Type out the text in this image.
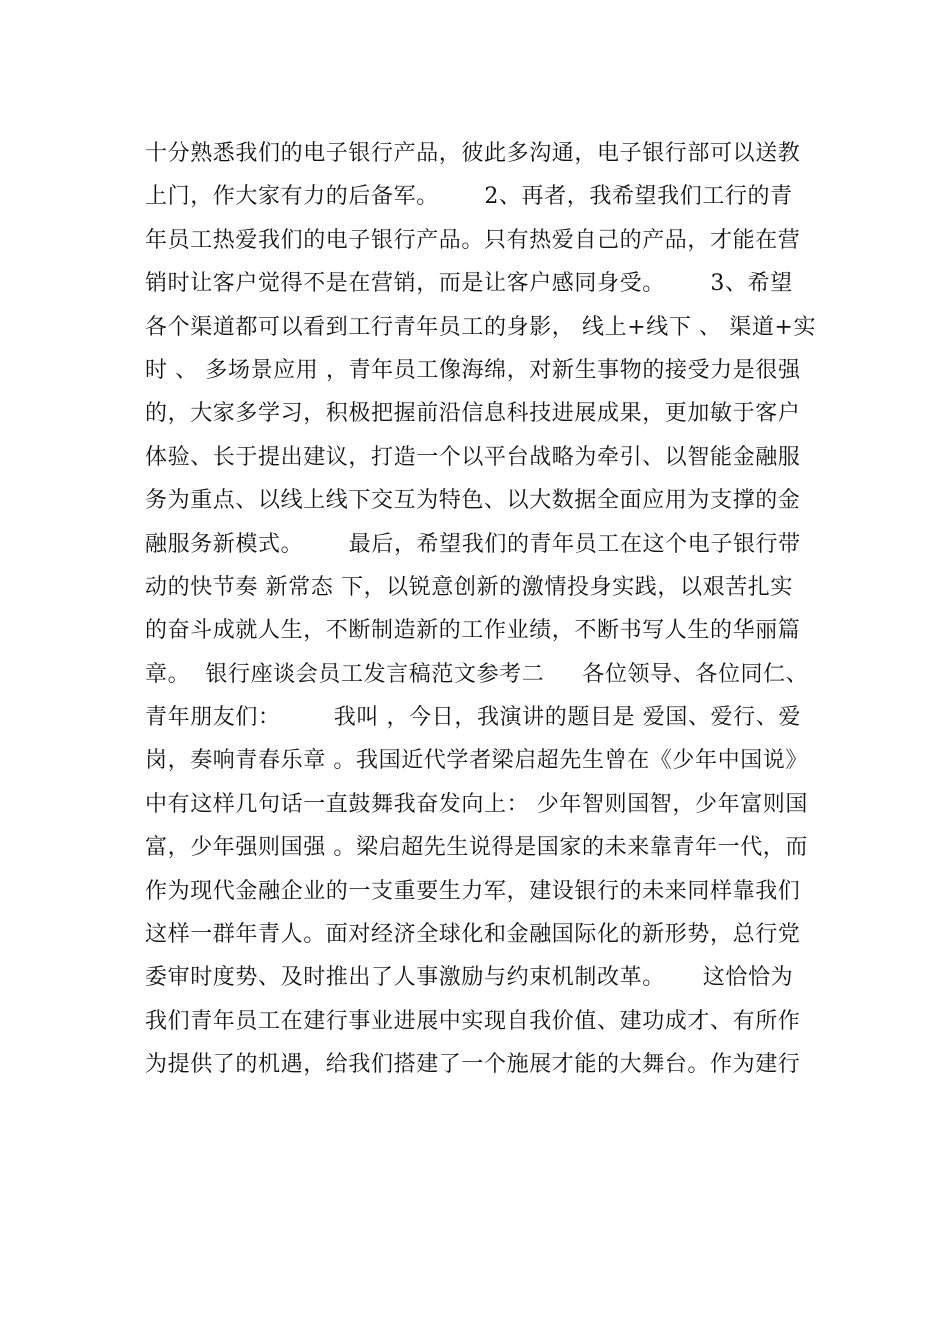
十分熟悉我们的电子银行产品，彼此多沟通，电子银行部可以送教
上门，作大家有力的后备军。      2、再者，我希望我们工行的青
年员工热爱我们的电子银行产品。只有热爱自己的产品，才能在营
销时让客户觉得不是在营销，而是让客户感同身受。      3、希望
各个渠道都可以看到工行青年员工的身影， 线上+线下 、 渠道+实
时 、 多场景应用 ，青年员工像海绵，对新生事物的接受力是很强
的，大家多学习，积极把握前沿信息科技进展成果，更加敏于客户
体验、长于提出建议，打造一个以平台战略为牵引、以智能金融服
务为重点、以线上线下交互为特色、以大数据全面应用为支撑的金
融服务新模式。      最后，希望我们的青年员工在这个电子银行带
动的快节奏 新常态 下，以锐意创新的激情投身实践，以艰苦扎实
的奋斗成就人生，不断制造新的工作业绩，不断书写人生的华丽篇
章。  银行座谈会员工发言稿范文参考二     各位领导、各位同仁、
青年朋友们：       我叫 ，今日，我演讲的题目是 爱国、爱行、爱
岗，奏响青春乐章 。我国近代学者梁启超先生曾在《少年中国说》
中有这样几句话一直鼓舞我奋发向上： 少年智则国智，少年富则国
富，少年强则国强 。梁启超先生说得是国家的未来靠青年一代，而
作为现代金融企业的一支重要生力军，建设银行的未来同样靠我们
这样一群年青人。面对经济全球化和金融国际化的新形势，总行党
委审时度势、及时推出了人事激励与约束机制改革。     这恰恰为
我们青年员工在建行事业进展中实现自我价值、建功成才、有所作
为提供了的机遇，给我们搭建了一个施展才能的大舞台。作为建行
